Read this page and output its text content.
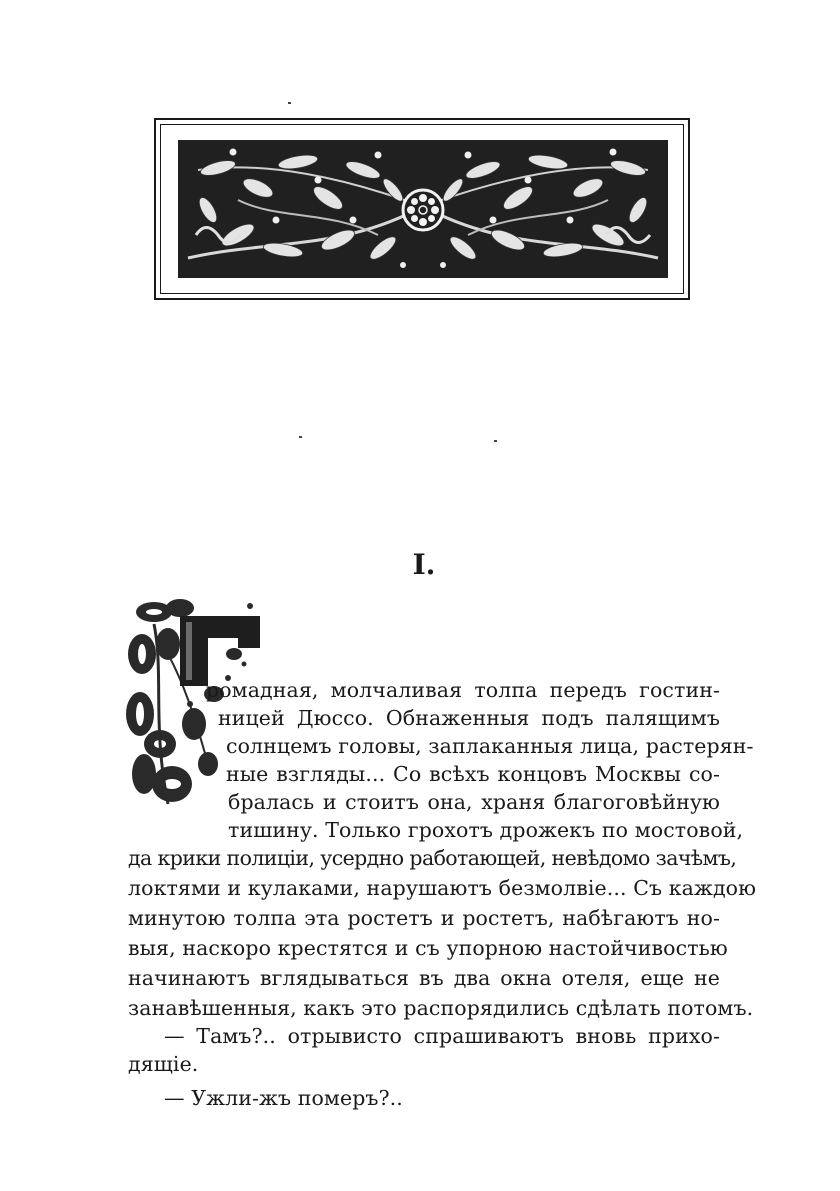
I.

ромадная, молчаливая толпа передъ гостин-

ницей Дюссо. Обнаженныя подъ палящимъ

солнцемъ головы, заплаканныя лица, растерян-

ные взгляды... Со всѣхъ концовъ Москвы со-

бралась и стоитъ она, храня благоговѣйную

тишину. Только грохотъ дрожекъ по мостовой,

да крики полиціи, усердно работающей, невѣдомо зачѣмъ,

локтями и кулаками, нарушаютъ безмолвіе... Съ каждою

минутою толпа эта ростетъ и ростетъ, набѣгаютъ но-

выя, наскоро крестятся и съ упорною настойчивостью

начинаютъ вглядываться въ два окна отеля, еще не

занавѣшенныя, какъ это распорядились сдѣлать потомъ.

— Тамъ?.. отрывисто спрашиваютъ вновь прихо-

дящіе.

— Ужли-жъ померъ?..
